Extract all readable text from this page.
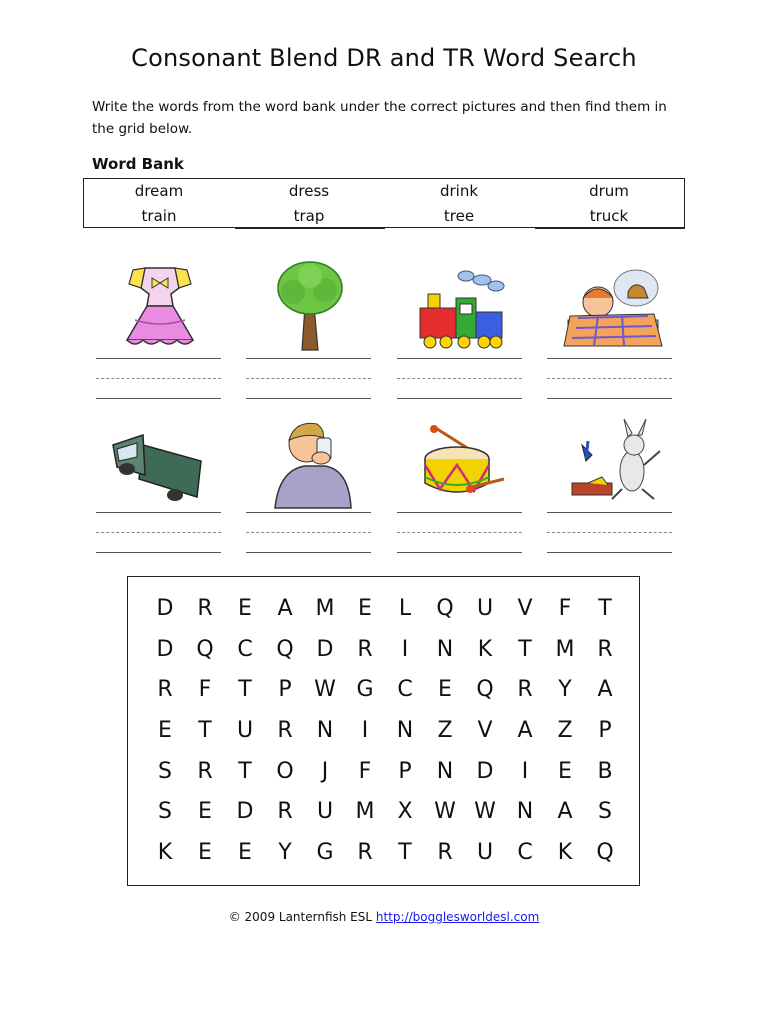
Consonant Blend DR and TR Word Search
Write the words from the word bank under the correct pictures and then find them in the grid below.
Word Bank
dream	dress	drink	drum
train	trap	tree	truck
D	R	E	A	M	E	L	Q	U	V	F	T
D	Q	C	Q	D	R	I	N	K	T	M	R
R	F	T	P	W G	C	E	Q	R	Y	A
E	T	U	R	N	I	N	Z	V	A	Z	P
S	R	T	O	J	F	P	N	D	I	E	B
S	E	D	R	U	M	X W W N	A	S
K	E	E	Y	G	R	T	R	U	C	K	Q
© 2009 Lanternfish ESL http://bogglesworldesl.com
